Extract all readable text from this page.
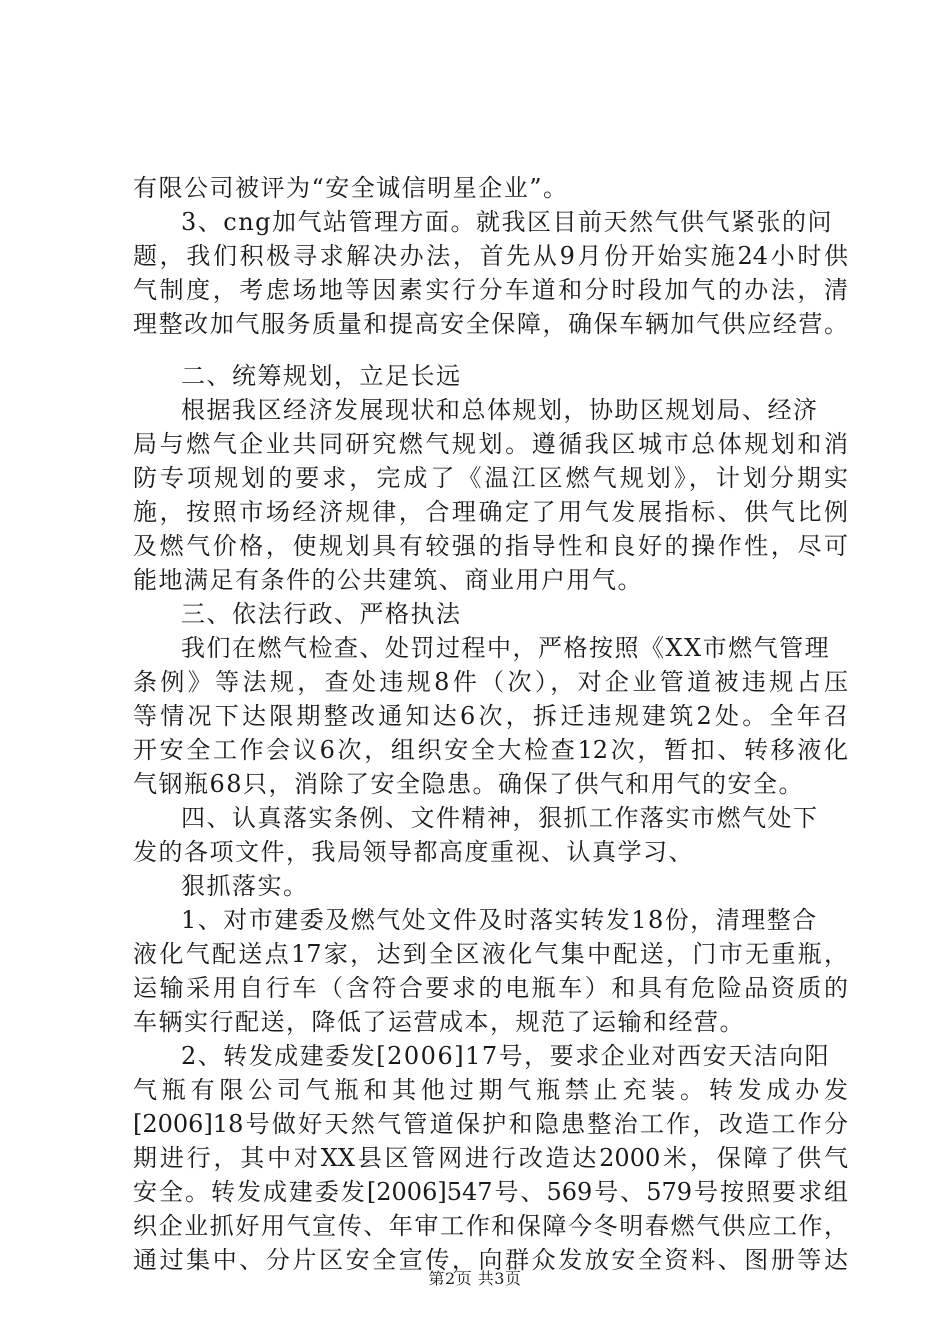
有限公司被评为“安全诚信明星企业”。
3、cng加气站管理方面。就我区目前天然气供气紧张的问
题，我们积极寻求解决办法，首先从9月份开始实施24小时供
气制度，考虑场地等因素实行分车道和分时段加气的办法，清
理整改加气服务质量和提高安全保障，确保车辆加气供应经营。
二、统筹规划，立足长远
根据我区经济发展现状和总体规划，协助区规划局、经济
局与燃气企业共同研究燃气规划。遵循我区城市总体规划和消
防专项规划的要求，完成了《温江区燃气规划》，计划分期实
施，按照市场经济规律，合理确定了用气发展指标、供气比例
及燃气价格，使规划具有较强的指导性和良好的操作性，尽可
能地满足有条件的公共建筑、商业用户用气。
三、依法行政、严格执法
我们在燃气检查、处罚过程中，严格按照《XX市燃气管理
条例》等法规，查处违规8件（次），对企业管道被违规占压
等情况下达限期整改通知达6次，拆迁违规建筑2处。全年召
开安全工作会议6次，组织安全大检查12次，暂扣、转移液化
气钢瓶68只，消除了安全隐患。确保了供气和用气的安全。
四、认真落实条例、文件精神，狠抓工作落实市燃气处下
发的各项文件，我局领导都高度重视、认真学习、
狠抓落实。
1、对市建委及燃气处文件及时落实转发18份，清理整合
液化气配送点17家，达到全区液化气集中配送，门市无重瓶，
运输采用自行车（含符合要求的电瓶车）和具有危险品资质的
车辆实行配送，降低了运营成本，规范了运输和经营。
2、转发成建委发[2006]17号，要求企业对西安天洁向阳
气瓶有限公司气瓶和其他过期气瓶禁止充装。转发成办发
[2006]18号做好天然气管道保护和隐患整治工作，改造工作分
期进行，其中对XX县区管网进行改造达2000米，保障了供气
安全。转发成建委发[2006]547号、569号、579号按照要求组
织企业抓好用气宣传、年审工作和保障今冬明春燃气供应工作，
通过集中、分片区安全宣传，向群众发放安全资料、图册等达
第2页 共3页
